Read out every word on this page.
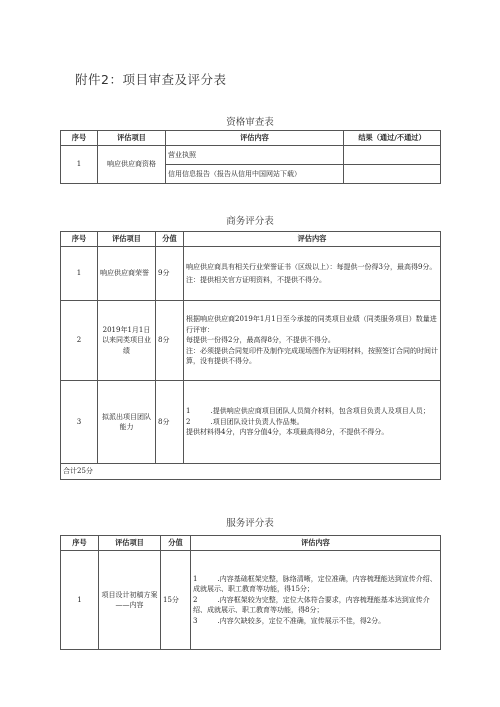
附件2：项目审查及评分表
资格审查表
序号	评估项目	评估内容	结果（通过/不通过）
1	响应供应商资格	营业执照	
		信用信息报告（报告从信用中国网站下载）	
商务评分表
序号	评估项目	分值	评估内容
1	响应供应商荣誉	9分	响应供应商具有相关行业荣誉证书（区级以上）：每提供一份得3分，最高得9分。
注：提供相关官方证明资料，不提供不得分。

2	2019年1月1日以来同类项目业绩	8分	根据响应供应商2019年1月1日至今承接的同类项目业绩（同类服务项目）数量进行评审：
每提供一份得2分，最高得8分，不提供不得分。
注：必须提供合同复印件及制作完成现场图作为证明材料，按照签订合同的时间计算，没有提供不得分。

3	拟派出项目团队能力	8分	1 .提供响应供应商项目团队人员简介材料，包含项目负责人及项目人员；
2 .项目团队设计负责人作品集。
提供材料得4分，内容分值4分，本项最高得8分，不提供不得分。

合计25分			
服务评分表
序号	评估项目	分值	评估内容
1	项目设计初稿方案——内容	15分	1 .内容基础框架完整，脉络清晰，定位准确，内容梳理能达到宣传介绍、成就展示、职工教育等功能，得15分；
2 .内容框架较为完整，定位大体符合要求，内容梳理能基本达到宣传介绍、成就展示、职工教育等功能，得8分；
3 .内容欠缺较多，定位不准确，宣传展示不佳，得2分。
